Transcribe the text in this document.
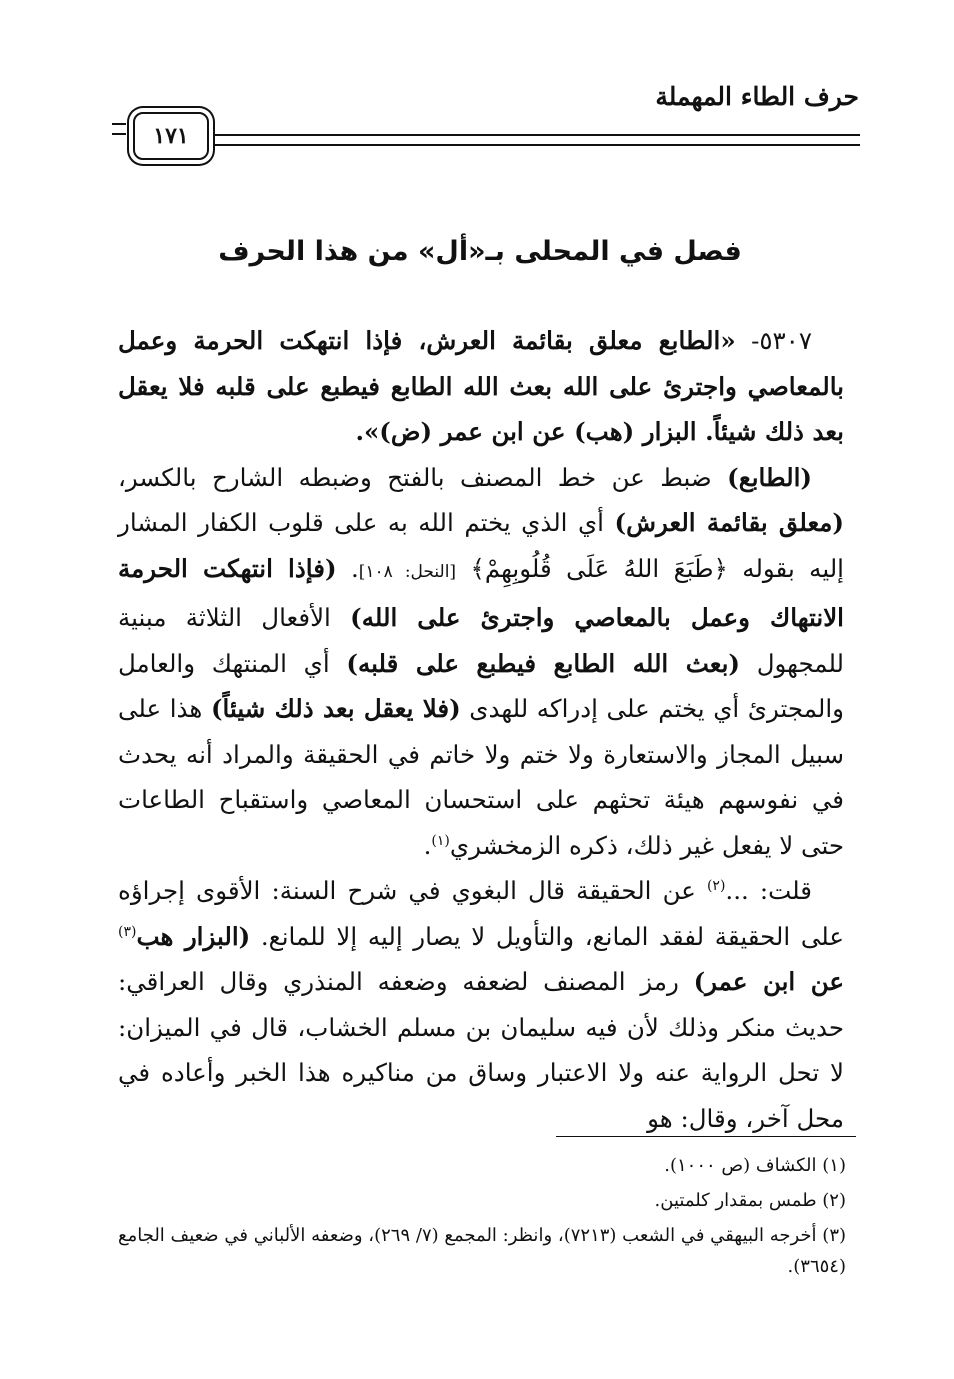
حرف الطاء المهملة
١٧١
فصل في المحلى بـ«أل» من هذا الحرف

٥٣٠٧- «الطابع معلق بقائمة العرش، فإذا انتهكت الحرمة وعمل بالمعاصي واجترئ على الله بعث الله الطابع فيطبع على قلبه فلا يعقل بعد ذلك شيئاً. البزار (هب) عن ابن عمر (ض)».

(الطابع) ضبط عن خط المصنف بالفتح وضبطه الشارح بالكسر، (معلق بقائمة العرش) أي الذي يختم الله به على قلوب الكفار المشار إليه بقوله ﴿طَبَعَ اللهُ عَلَى قُلُوبِهِمْ﴾ [النحل: ١٠٨]. (فإذا انتهكت الحرمة الانتهاك وعمل بالمعاصي واجترئ على الله) الأفعال الثلاثة مبنية للمجهول (بعث الله الطابع فيطبع على قلبه) أي المنتهك والعامل والمجترئ أي يختم على إدراكه للهدى (فلا يعقل بعد ذلك شيئاً) هذا على سبيل المجاز والاستعارة ولا ختم ولا خاتم في الحقيقة والمراد أنه يحدث في نفوسهم هيئة تحثهم على استحسان المعاصي واستقباح الطاعات حتى لا يفعل غير ذلك، ذكره الزمخشري$^{(١)}$.

قلت: ...$^{(٢)}$ عن الحقيقة قال البغوي في شرح السنة: الأقوى إجراؤه على الحقيقة لفقد المانع، والتأويل لا يصار إليه إلا للمانع. (البزار هب$^{(٣)}$ عن ابن عمر) رمز المصنف لضعفه وضعفه المنذري وقال العراقي: حديث منكر وذلك لأن فيه سليمان بن مسلم الخشاب، قال في الميزان: لا تحل الرواية عنه ولا الاعتبار وساق من مناكيره هذا الخبر وأعاده في محل آخر، وقال: هو

(١) الكشاف (ص ١٠٠٠).

(٢) طمس بمقدار كلمتين.

(٣) أخرجه البيهقي في الشعب (٧٢١٣)، وانظر: المجمع (٧/ ٢٦٩)، وضعفه الألباني في ضعيف الجامع (٣٦٥٤).
